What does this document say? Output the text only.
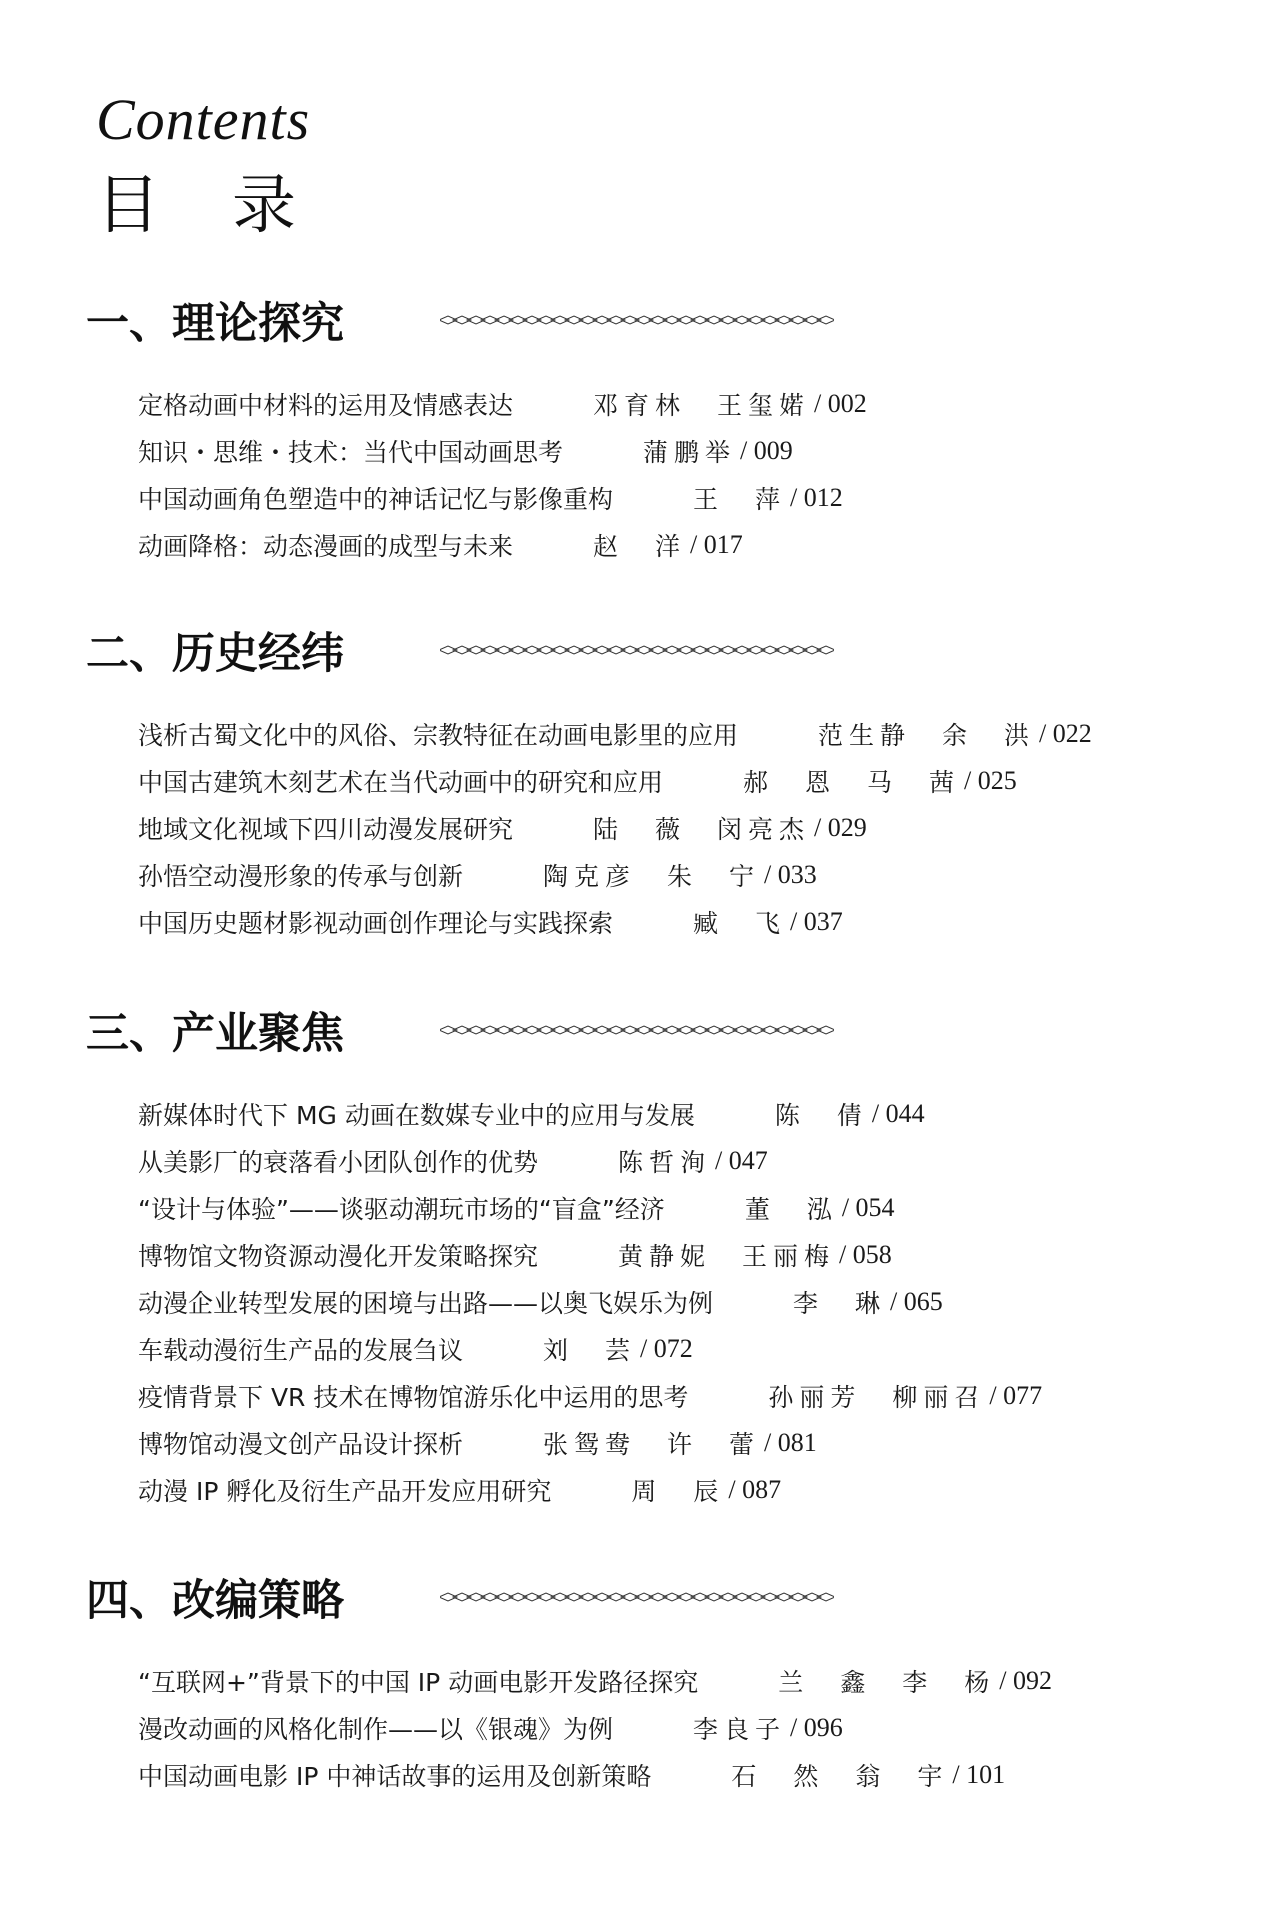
Contents
目 录
一、理论探究
定格动画中材料的运用及情感表达	邓育林　王玺婼 / 002
知识・思维・技术：当代中国动画思考	蒲鹏举 / 009
中国动画角色塑造中的神话记忆与影像重构	王　萍 / 012
动画降格：动态漫画的成型与未来	赵　洋 / 017
二、历史经纬
浅析古蜀文化中的风俗、宗教特征在动画电影里的应用	范生静　余　洪 / 022
中国古建筑木刻艺术在当代动画中的研究和应用	郝　恩　马　茜 / 025
地域文化视域下四川动漫发展研究	陆　薇　闵亮杰 / 029
孙悟空动漫形象的传承与创新	陶克彦　朱　宁 / 033
中国历史题材影视动画创作理论与实践探索	臧　飞 / 037
三、产业聚焦
新媒体时代下 MG 动画在数媒专业中的应用与发展	陈　倩 / 044
从美影厂的衰落看小团队创作的优势	陈哲洵 / 047
“设计与体验”——谈驱动潮玩市场的“盲盒”经济	董　泓 / 054
博物馆文物资源动漫化开发策略探究	黄静妮　王丽梅 / 058
动漫企业转型发展的困境与出路——以奥飞娱乐为例	李　琳 / 065
车载动漫衍生产品的发展刍议	刘　芸 / 072
疫情背景下 VR 技术在博物馆游乐化中运用的思考	孙丽芳　柳丽召 / 077
博物馆动漫文创产品设计探析	张鸳鸯　许　蕾 / 081
动漫 IP 孵化及衍生产品开发应用研究	周　辰 / 087
四、改编策略
“互联网+”背景下的中国 IP 动画电影开发路径探究	兰　鑫　李　杨 / 092
漫改动画的风格化制作——以《银魂》为例	李良子 / 096
中国动画电影 IP 中神话故事的运用及创新策略	石　然　翁　宇 / 101
